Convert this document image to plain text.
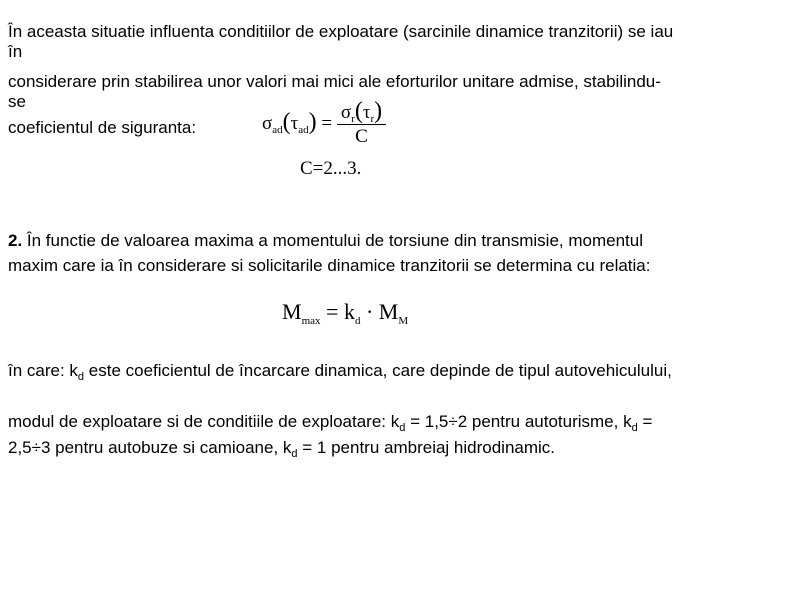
În aceasta situatie influenta conditiilor de exploatare (sarcinile dinamice tranzitorii) se iau
în
considerare prin stabilirea unor valori mai mici ale eforturilor unitare admise, stabilindu-
se
coeficientul de siguranta:	$\sigma_{ad}(\tau_{ad}) = \frac{\sigma_r(\tau_r)}{C}$
C=2...3.
2. În functie de valoarea maxima a momentului de torsiune din transmisie, momentul
maxim care ia în considerare si solicitarile dinamice tranzitorii se determina cu relatia:
$M_{max} = k_d \cdot M_M$
în care: $k_d$ este coeficientul de încarcare dinamica, care depinde de tipul autovehiculului,
modul de exploatare si de conditiile de exploatare: $k_d = 1,5\div 2$ pentru autoturisme, $k_d$ =
2,5÷3 pentru autobuze si camioane, $k_d = 1$ pentru ambreiaj hidrodinamic.
